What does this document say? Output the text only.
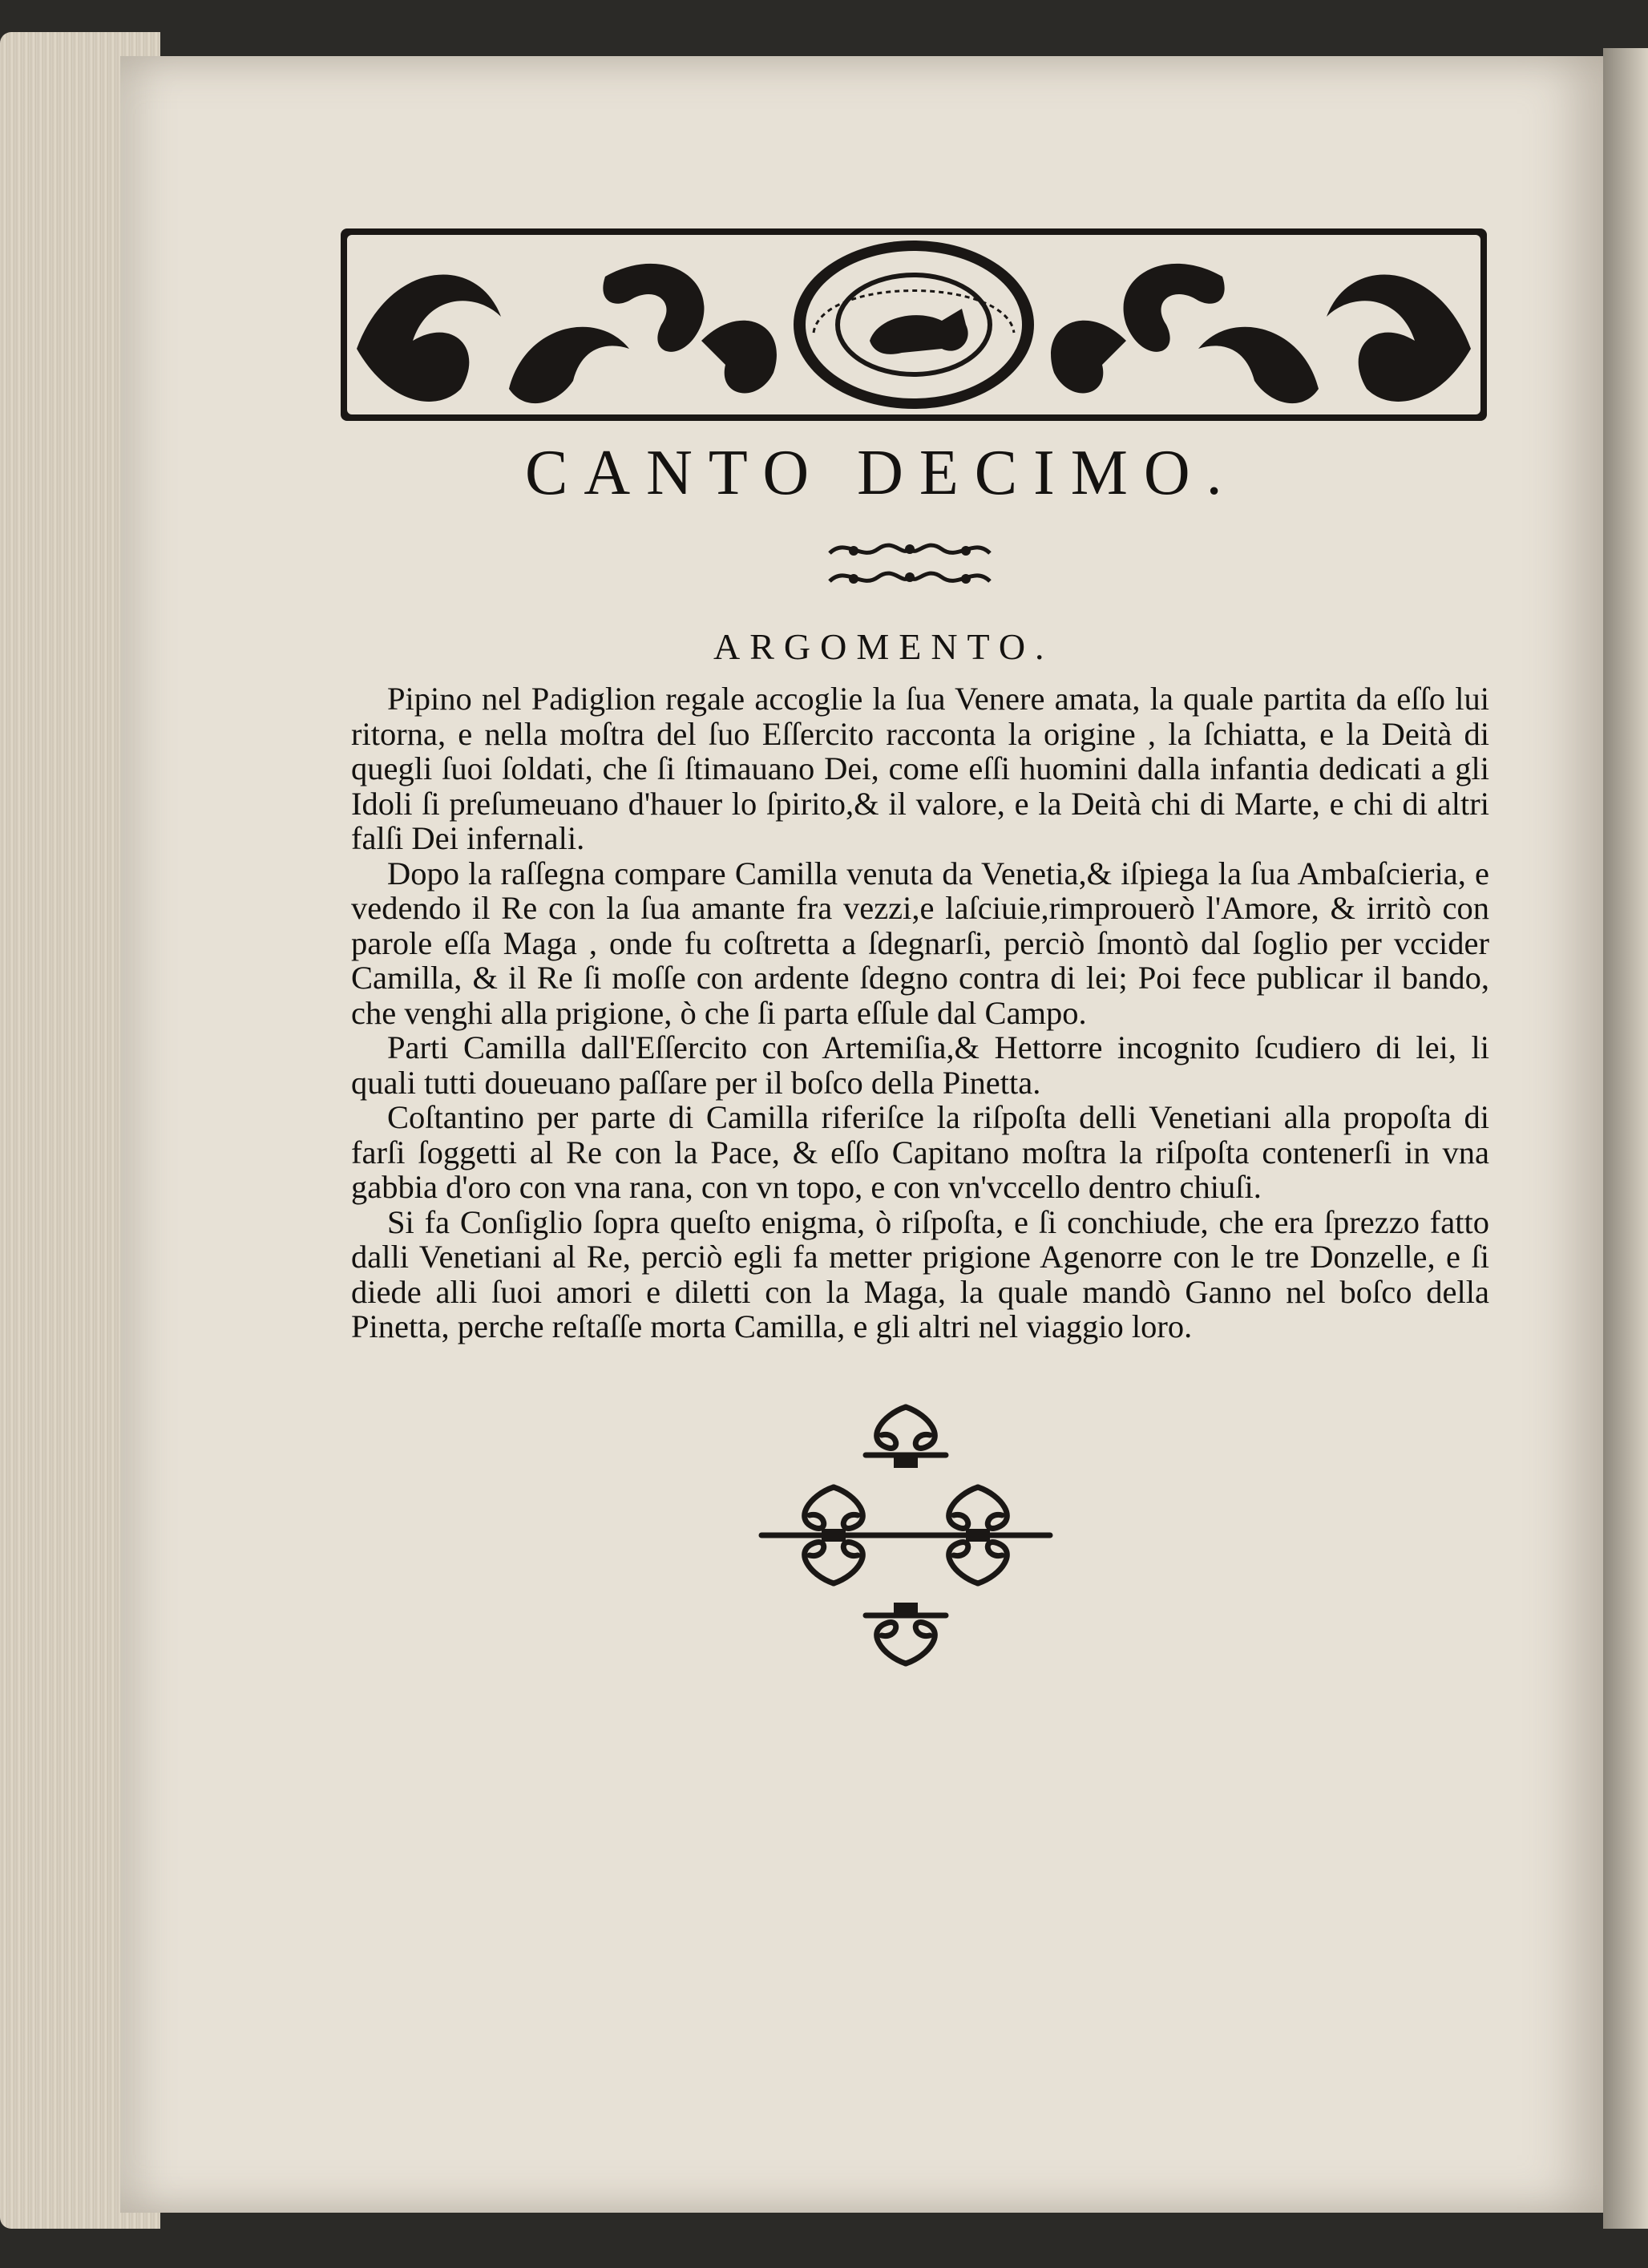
CANTO DECIMO.
ARGOMENTO.

Pipino nel Padiglion regale accoglie la ſua Venere amata, la quale partita da eſſo lui ritorna, e nella moſtra del ſuo Eſſercito racconta la origine , la ſchiatta, e la Deità di quegli ſuoi ſoldati, che ſi ſtimauano Dei, come eſſi huomini dalla infantia dedicati a gli Idoli ſi preſumeuano d'hauer lo ſpirito,& il valore, e la Deità chi di Marte, e chi di altri falſi Dei infernali.

Dopo la raſſegna compare Camilla venuta da Venetia,& iſpiega la ſua Ambaſcieria, e vedendo il Re con la ſua amante fra vezzi,e laſciuie,rimprouerò l'Amore, & irritò con parole eſſa Maga , onde fu coſtretta a ſdegnarſi, perciò ſmontò dal ſoglio per vccider Camilla, & il Re ſi moſſe con ardente ſdegno contra di lei; Poi fece publicar il bando, che venghi alla prigione, ò che ſi parta eſſule dal Campo.

Parti Camilla dall'Eſſercito con Artemiſia,& Hettorre incognito ſcudiero di lei, li quali tutti doueuano paſſare per il boſco della Pinetta.

Coſtantino per parte di Camilla riferiſce la riſpoſta delli Venetiani alla propoſta di farſi ſoggetti al Re con la Pace, & eſſo Capitano moſtra la riſpoſta contenerſi in vna gabbia d'oro con vna rana, con vn topo, e con vn'vccello dentro chiuſi.

Si fa Conſiglio ſopra queſto enigma, ò riſpoſta, e ſi conchiude, che era ſprezzo fatto dalli Venetiani al Re, perciò egli fa metter prigione Agenorre con le tre Donzelle, e ſi diede alli ſuoi amori e diletti con la Maga, la quale mandò Ganno nel boſco della Pinetta, perche reſtaſſe morta Camilla, e gli altri nel viaggio loro.
